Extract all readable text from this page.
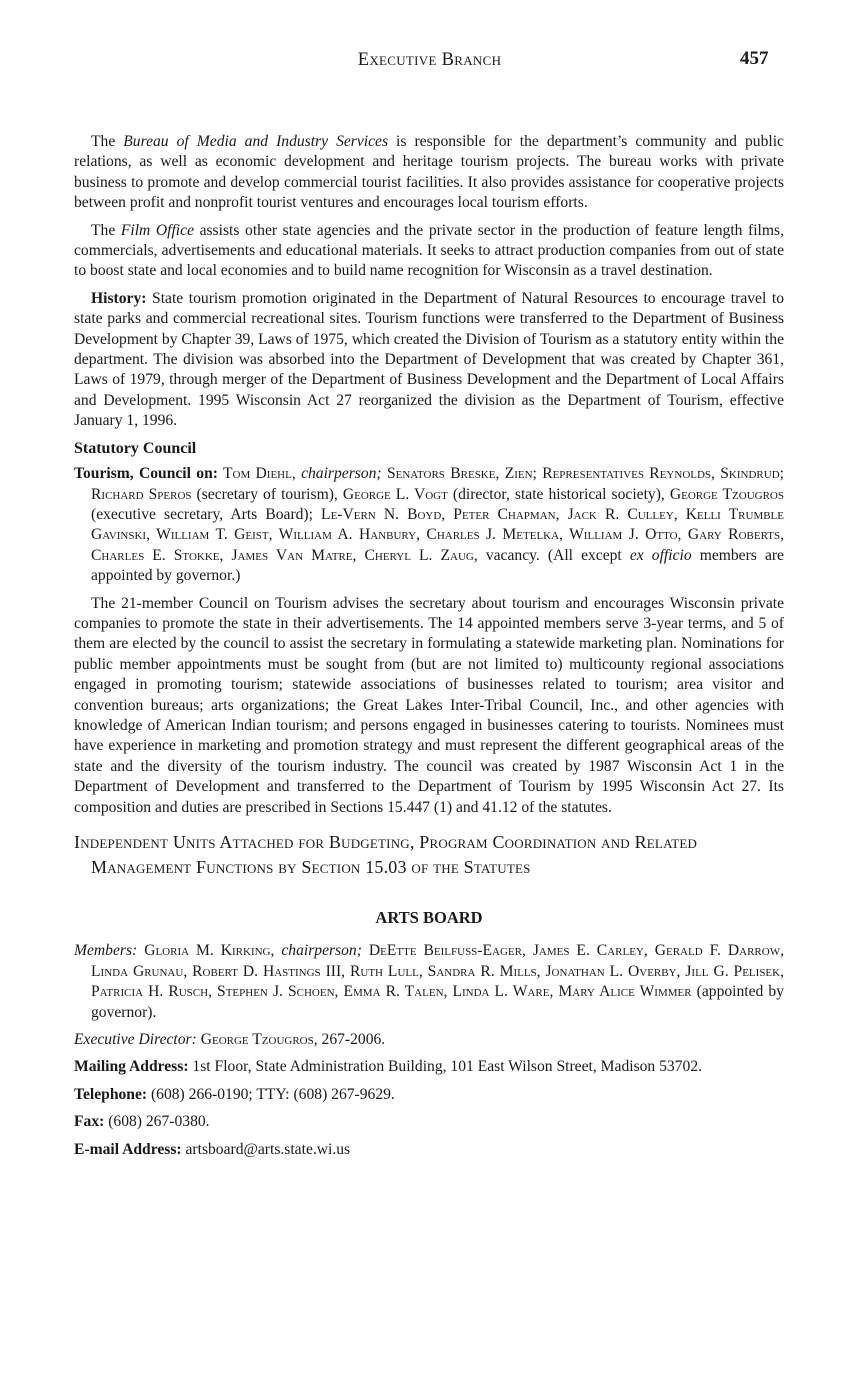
Executive Branch	457

The Bureau of Media and Industry Services is responsible for the department’s community and public relations, as well as economic development and heritage tourism projects. The bureau works with private business to promote and develop commercial tourist facilities. It also provides assistance for cooperative projects between profit and nonprofit tourist ventures and encourages local tourism efforts.

The Film Office assists other state agencies and the private sector in the production of feature length films, commercials, advertisements and educational materials. It seeks to attract production companies from out of state to boost state and local economies and to build name recognition for Wisconsin as a travel destination.

History: State tourism promotion originated in the Department of Natural Resources to encourage travel to state parks and commercial recreational sites. Tourism functions were transferred to the Department of Business Development by Chapter 39, Laws of 1975, which created the Division of Tourism as a statutory entity within the department. The division was absorbed into the Department of Development that was created by Chapter 361, Laws of 1979, through merger of the Department of Business Development and the Department of Local Affairs and Development. 1995 Wisconsin Act 27 reorganized the division as the Department of Tourism, effective January 1, 1996.

Statutory Council

Tourism, Council on: Tom Diehl, chairperson; Senators Breske, Zien; Representatives Reynolds, Skindrud; Richard Speros (secretary of tourism), George L. Vogt (director, state historical society), George Tzougros (executive secretary, Arts Board); Le-Vern N. Boyd, Peter Chapman, Jack R. Culley, Kelli Trumble Gavinski, William T. Geist, William A. Hanbury, Charles J. Metelka, William J. Otto, Gary Roberts, Charles E. Stokke, James Van Matre, Cheryl L. Zaug, vacancy. (All except ex officio members are appointed by governor.)

The 21-member Council on Tourism advises the secretary about tourism and encourages Wisconsin private companies to promote the state in their advertisements. The 14 appointed members serve 3-year terms, and 5 of them are elected by the council to assist the secretary in formulating a statewide marketing plan. Nominations for public member appointments must be sought from (but are not limited to) multicounty regional associations engaged in promoting tourism; statewide associations of businesses related to tourism; area visitor and convention bureaus; arts organizations; the Great Lakes Inter-Tribal Council, Inc., and other agencies with knowledge of American Indian tourism; and persons engaged in businesses catering to tourists. Nominees must have experience in marketing and promotion strategy and must represent the different geographical areas of the state and the diversity of the tourism industry. The council was created by 1987 Wisconsin Act 1 in the Department of Development and transferred to the Department of Tourism by 1995 Wisconsin Act 27. Its composition and duties are prescribed in Sections 15.447 (1) and 41.12 of the statutes.

Independent Units Attached for Budgeting, Program Coordination and Related Management Functions by Section 15.03 of the Statutes
ARTS BOARD

Members: Gloria M. Kirking, chairperson; DeEtte Beilfuss-Eager, James E. Carley, Gerald F. Darrow, Linda Grunau, Robert D. Hastings III, Ruth Lull, Sandra R. Mills, Jonathan L. Overby, Jill G. Pelisek, Patricia H. Rusch, Stephen J. Schoen, Emma R. Talen, Linda L. Ware, Mary Alice Wimmer (appointed by governor).

Executive Director: George Tzougros, 267-2006.

Mailing Address: 1st Floor, State Administration Building, 101 East Wilson Street, Madison 53702.

Telephone: (608) 266-0190; TTY: (608) 267-9629.

Fax: (608) 267-0380.

E-mail Address: artsboard@arts.state.wi.us
